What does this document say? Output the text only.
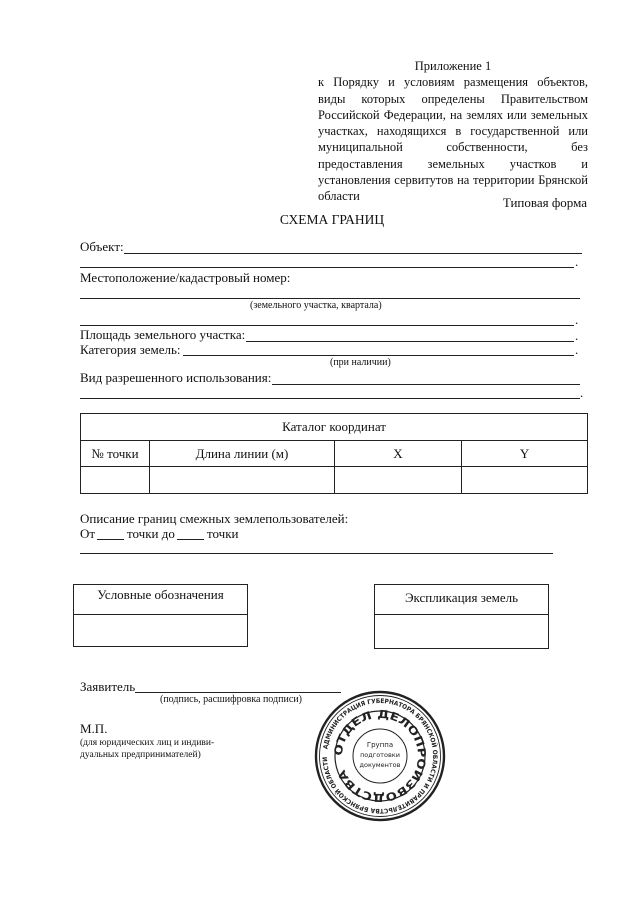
Приложение 1
к Порядку и условиям размещения объектов, виды которых определены Правительством Российской Федерации, на землях или земельных участках, находящихся в государственной или муниципальной собственности, без предоставления земельных участков и установления сервитутов на территории Брянской области	Типовая форма
СХЕМА ГРАНИЦ
Объект:
.
Местоположение/кадастровый номер:
(земельного участка, квартала)
.
Площадь земельного участка:	.
Категория земель:	.
(при наличии)
Вид разрешенного использования:
.
Каталог координат			
№ точки	Длина линии (м)	X	Y

Описание границ смежных землепользователей:
От точки до точки
Условные обозначения	Экспликация земель
Заявитель
(подпись, расшифровка подписи)
М.П.
(для юридических лиц и индиви-
дуальных предпринимателей)
АДМИНИСТРАЦИЯ ГУБЕРНАТОРА БРЯНСКОЙ ОБЛАСТИ И ПРАВИТЕЛЬСТВА БРЯНСКОЙ ОБЛАСТИ
ОТДЕЛ ДЕЛОПРОИЗВОДСТВА
Группа
подготовки
документов
